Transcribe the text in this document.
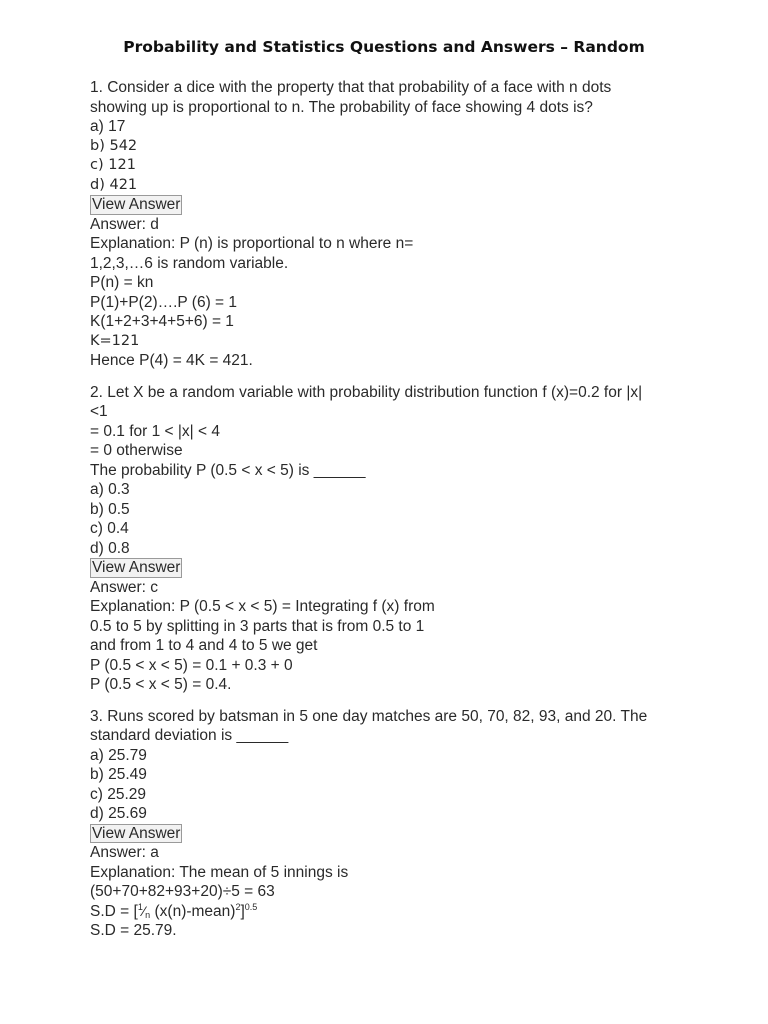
Probability and Statistics Questions and Answers – Random
1. Consider a dice with the property that that probability of a face with n dots
showing up is proportional to n. The probability of face showing 4 dots is?
a) 17
b) 542
c) 121
d) 421
View Answer
Answer: d
Explanation: P (n) is proportional to n where n=
1,2,3,…6 is random variable.
P(n) = kn
P(1)+P(2)….P (6) = 1
K(1+2+3+4+5+6) = 1
K=121
Hence P(4) = 4K = 421.
2. Let X be a random variable with probability distribution function f (x)=0.2 for |x|
<1
= 0.1 for 1 < |x| < 4
= 0 otherwise
The probability P (0.5 < x < 5) is ______
a) 0.3
b) 0.5
c) 0.4
d) 0.8
View Answer
Answer: c
Explanation: P (0.5 < x < 5) = Integrating f (x) from
0.5 to 5 by splitting in 3 parts that is from 0.5 to 1
and from 1 to 4 and 4 to 5 we get
P (0.5 < x < 5) = 0.1 + 0.3 + 0
P (0.5 < x < 5) = 0.4.
3. Runs scored by batsman in 5 one day matches are 50, 70, 82, 93, and 20. The
standard deviation is ______
a) 25.79
b) 25.49
c) 25.29
d) 25.69
View Answer
Answer: a
Explanation: The mean of 5 innings is
(50+70+82+93+20)÷5 = 63
$S.D = [^1⁄_n$ (x(n)-mean)$^2$]$^{0.5}$
S.D = 25.79.
